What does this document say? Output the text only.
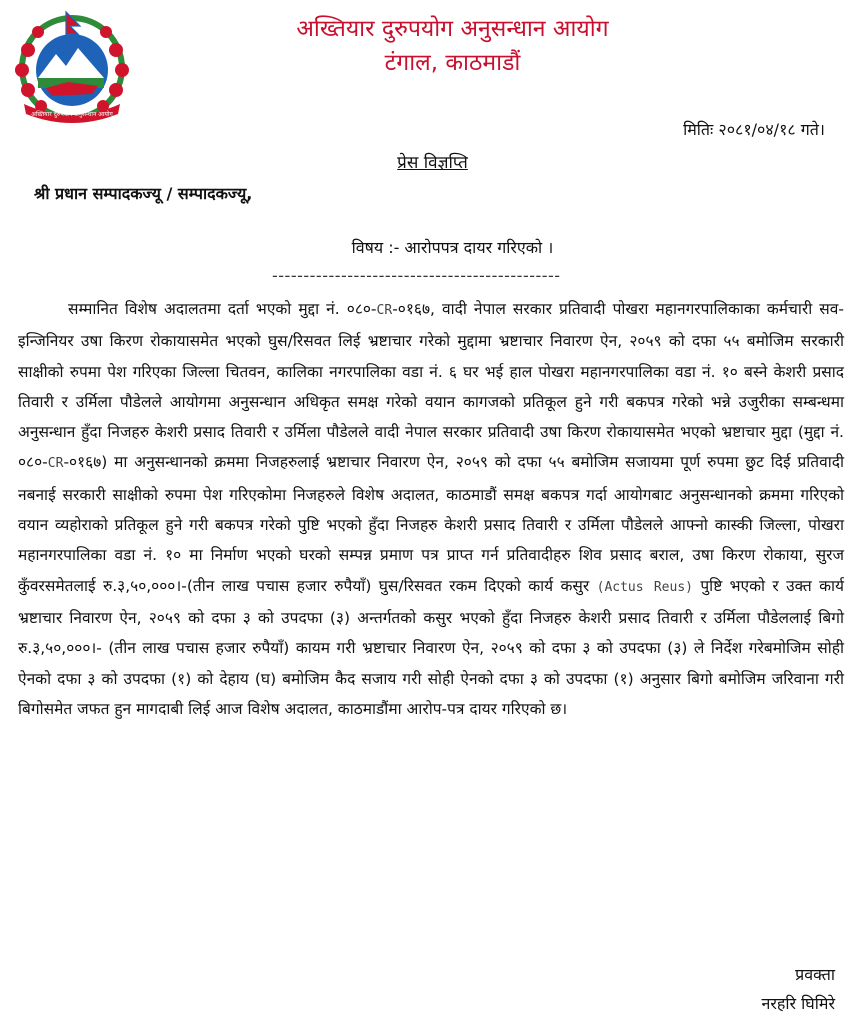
अख्तियार दुरुपयोग अनुसन्धान आयोग
अख्तियार दुरुपयोग अनुसन्धान आयोग
टंगाल, काठमाडौं
मितिः २०८१/०४/१८ गते।
प्रेस विज्ञप्ति
श्री प्रधान सम्पादकज्यू / सम्पादकज्यू,
विषय :- आरोपपत्र दायर गरिएको ।
----------------------------------------------
सम्मानित विशेष अदालतमा दर्ता भएको मुद्दा नं. ०८०-CR-०१६७, वादी नेपाल सरकार प्रतिवादी पोखरा महानगरपालिकाका कर्मचारी सव-इन्जिनियर उषा किरण रोकायासमेत भएको घुस/रिसवत लिई भ्रष्टाचार गरेको मुद्दामा भ्रष्टाचार निवारण ऐन, २०५९ को दफा ५५ बमोजिम सरकारी साक्षीको रुपमा पेश गरिएका जिल्ला चितवन, कालिका नगरपालिका वडा नं. ६ घर भई हाल पोखरा महानगरपालिका वडा नं. १० बस्ने केशरी प्रसाद तिवारी र उर्मिला पौडेलले आयोगमा अनुसन्धान अधिकृत समक्ष गरेको वयान कागजको प्रतिकूल हुने गरी बकपत्र गरेको भन्ने उजुरीका सम्बन्धमा अनुसन्धान हुँदा निजहरु केशरी प्रसाद तिवारी र उर्मिला पौडेलले वादी नेपाल सरकार प्रतिवादी उषा किरण रोकायासमेत भएको भ्रष्टाचार मुद्दा (मुद्दा नं. ०८०-CR-०१६७) मा अनुसन्धानको क्रममा निजहरुलाई भ्रष्टाचार निवारण ऐन, २०५९ को दफा ५५ बमोजिम सजायमा पूर्ण रुपमा छुट दिई प्रतिवादी नबनाई सरकारी साक्षीको रुपमा पेश गरिएकोमा निजहरुले विशेष अदालत, काठमाडौं समक्ष बकपत्र गर्दा आयोगबाट अनुसन्धानको क्रममा गरिएको वयान व्यहोराको प्रतिकूल हुने गरी बकपत्र गरेको पुष्टि भएको हुँदा निजहरु केशरी प्रसाद तिवारी र उर्मिला पौडेलले आफ्नो कास्की जिल्ला, पोखरा महानगरपालिका वडा नं. १० मा निर्माण भएको घरको सम्पन्न प्रमाण पत्र प्राप्त गर्न प्रतिवादीहरु शिव प्रसाद बराल, उषा किरण रोकाया, सुरज कुँवरसमेतलाई रु.३,५०,०००।-(तीन लाख पचास हजार रुपैयाँ) घुस/रिसवत रकम दिएको कार्य कसुर (Actus Reus) पुष्टि भएको र उक्त कार्य भ्रष्टाचार निवारण ऐन, २०५९ को दफा ३ को उपदफा (३) अन्तर्गतको कसुर भएको हुँदा निजहरु केशरी प्रसाद तिवारी र उर्मिला पौडेललाई बिगो रु.३,५०,०००।- (तीन लाख पचास हजार रुपैयाँ) कायम गरी भ्रष्टाचार निवारण ऐन, २०५९ को दफा ३ को उपदफा (३) ले निर्देश गरेबमोजिम सोही ऐनको दफा ३ को उपदफा (१) को देहाय (घ) बमोजिम कैद सजाय गरी सोही ऐनको दफा ३ को उपदफा (१) अनुसार बिगो बमोजिम जरिवाना गरी बिगोसमेत जफत हुन मागदाबी लिई आज विशेष अदालत, काठमाडौंमा आरोप-पत्र दायर गरिएको छ।
प्रवक्ता
नरहरि घिमिरे
